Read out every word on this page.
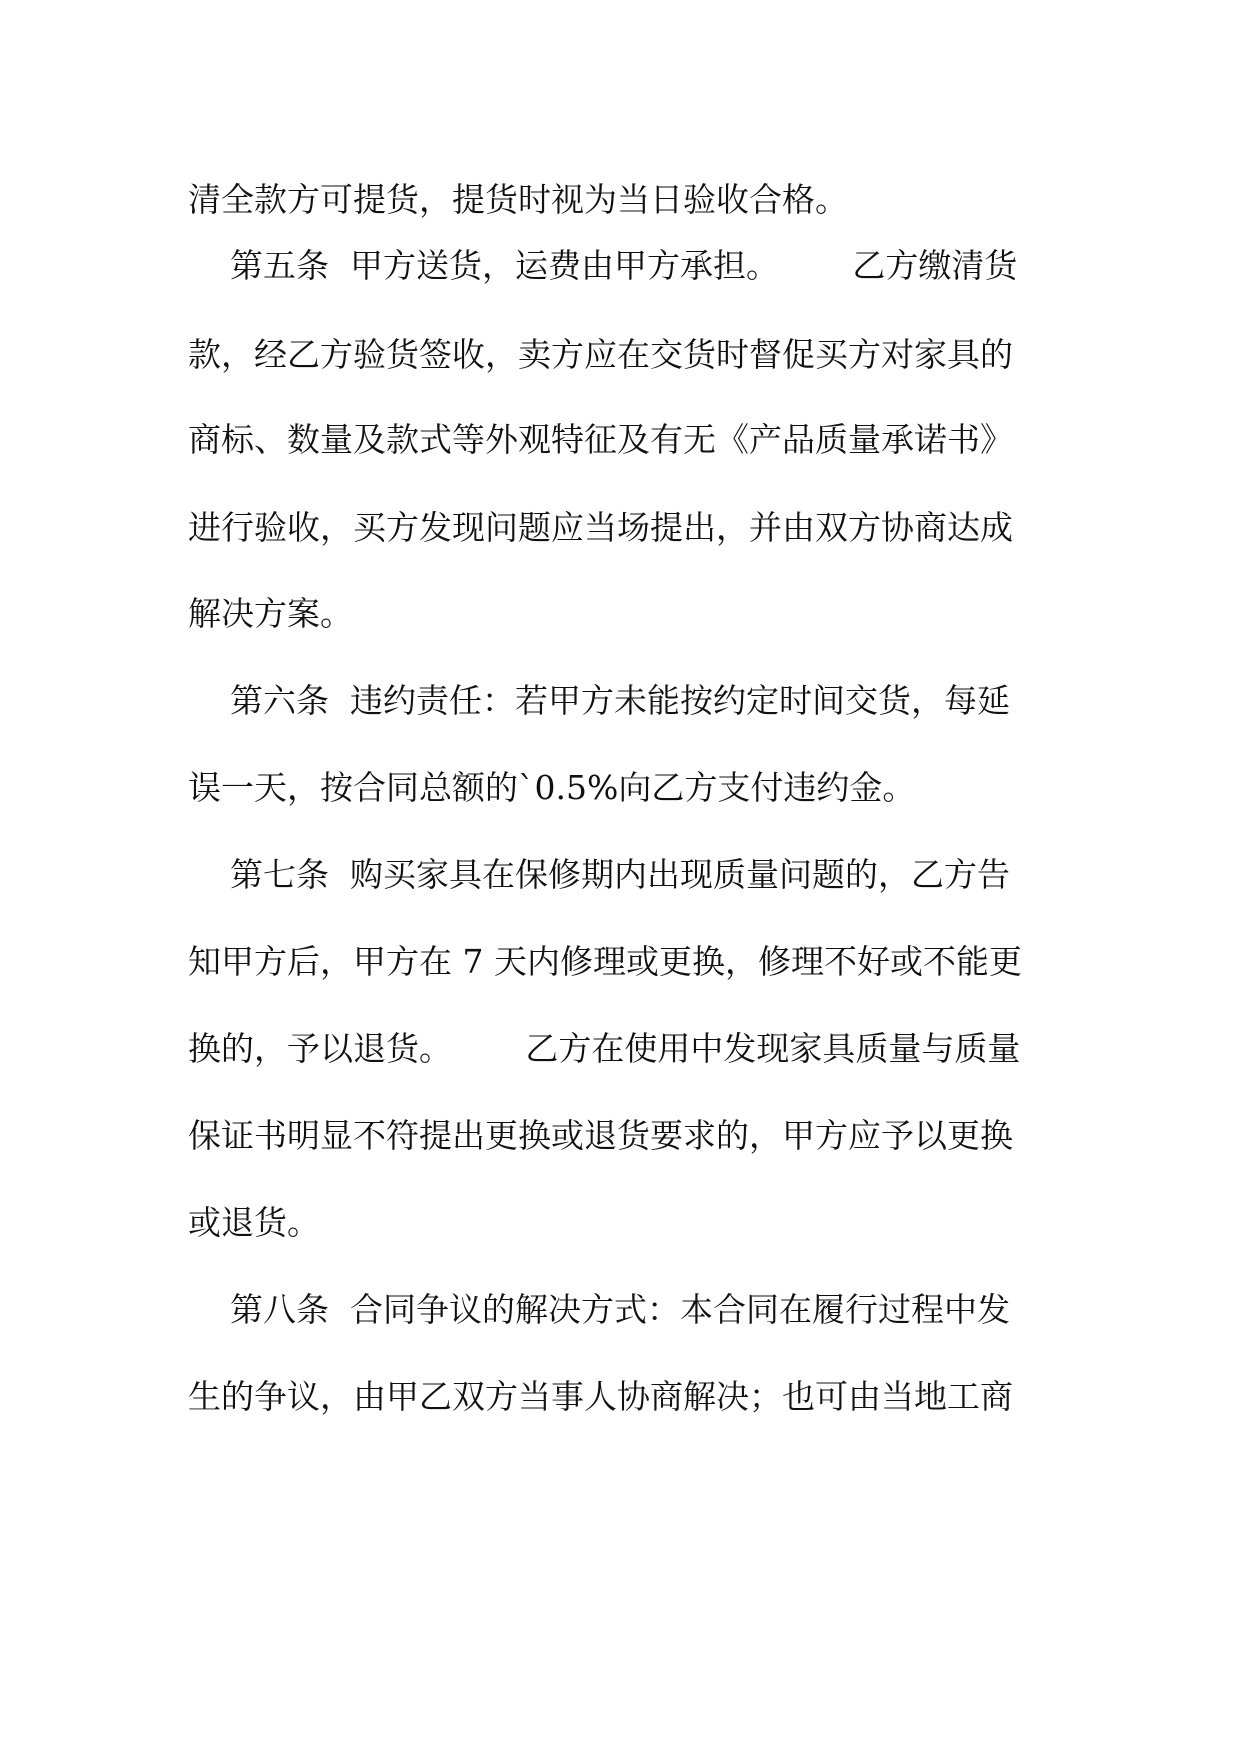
清全款方可提货，提货时视为当日验收合格。
第五条  甲方送货，运费由甲方承担。       乙方缴清货
款，经乙方验货签收，卖方应在交货时督促买方对家具的
商标、数量及款式等外观特征及有无《产品质量承诺书》
进行验收，买方发现问题应当场提出，并由双方协商达成
解决方案。
第六条  违约责任：若甲方未能按约定时间交货，每延
误一天，按合同总额的`0.5%向乙方支付违约金。
第七条  购买家具在保修期内出现质量问题的，乙方告
知甲方后，甲方在 7 天内修理或更换，修理不好或不能更
换的，予以退货。       乙方在使用中发现家具质量与质量
保证书明显不符提出更换或退货要求的，甲方应予以更换
或退货。
第八条  合同争议的解决方式：本合同在履行过程中发
生的争议，由甲乙双方当事人协商解决；也可由当地工商
